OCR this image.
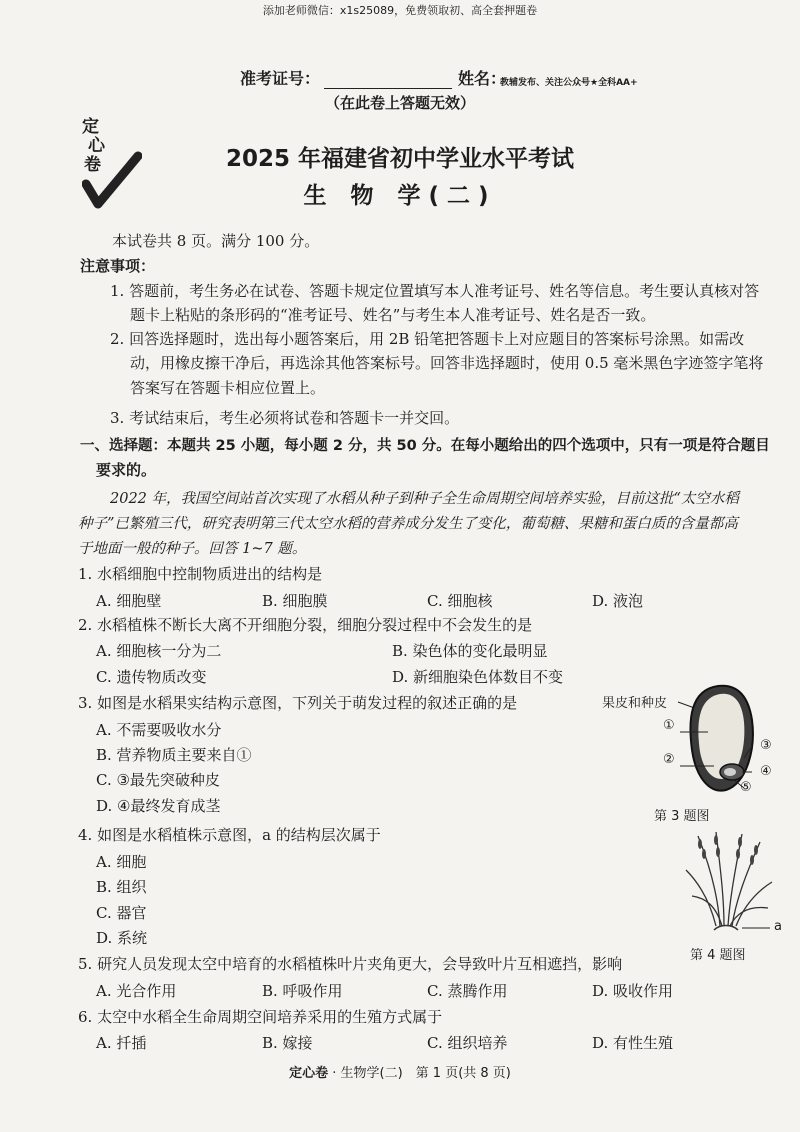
添加老师微信：x1s25089，免费领取初、高全套押题卷
准考证号：	姓名：
教辅发布、关注公众号★全科AA+
（在此卷上答题无效）
定
心
卷	2025 年福建省初中学业水平考试
生 物 学(二)
本试卷共 8 页。满分 100 分。
注意事项：
1. 答题前，考生务必在试卷、答题卡规定位置填写本人准考证号、姓名等信息。考生要认真核对答
题卡上粘贴的条形码的“准考证号、姓名”与考生本人准考证号、姓名是否一致。
2. 回答选择题时，选出每小题答案后，用 2B 铅笔把答题卡上对应题目的答案标号涂黑。如需改
动，用橡皮擦干净后，再选涂其他答案标号。回答非选择题时，使用 0.5 毫米黑色字迹签字笔将
答案写在答题卡相应位置上。
3. 考试结束后，考生必须将试卷和答题卡一并交回。
一、选择题：本题共 25 小题，每小题 2 分，共 50 分。在每小题给出的四个选项中，只有一项是符合题目
要求的。
2022 年，我国空间站首次实现了水稻从种子到种子全生命周期空间培养实验，目前这批“太空水稻
种子”已繁殖三代，研究表明第三代太空水稻的营养成分发生了变化，葡萄糖、果糖和蛋白质的含量都高
于地面一般的种子。回答 1~7 题。
1. 水稻细胞中控制物质进出的结构是
A. 细胞壁	B. 细胞膜	C. 细胞核	D. 液泡
2. 水稻植株不断长大离不开细胞分裂，细胞分裂过程中不会发生的是
A. 细胞核一分为二	B. 染色体的变化最明显
C. 遗传物质改变	D. 新细胞染色体数目不变
3. 如图是水稻果实结构示意图，下列关于萌发过程的叙述正确的是
A. 不需要吸收水分
B. 营养物质主要来自①
C. ③最先突破种皮
D. ④最终发育成茎
果皮和种皮
①
②
③
④
⑤
第 3 题图
4. 如图是水稻植株示意图，a 的结构层次属于
A. 细胞
B. 组织
C. 器官
D. 系统
a
第 4 题图
5. 研究人员发现太空中培育的水稻植株叶片夹角更大，会导致叶片互相遮挡，影响
A. 光合作用	B. 呼吸作用	C. 蒸腾作用	D. 吸收作用
6. 太空中水稻全生命周期空间培养采用的生殖方式属于
A. 扦插	B. 嫁接	C. 组织培养	D. 有性生殖
定心卷 · 生物学(二)　第 1 页(共 8 页)
